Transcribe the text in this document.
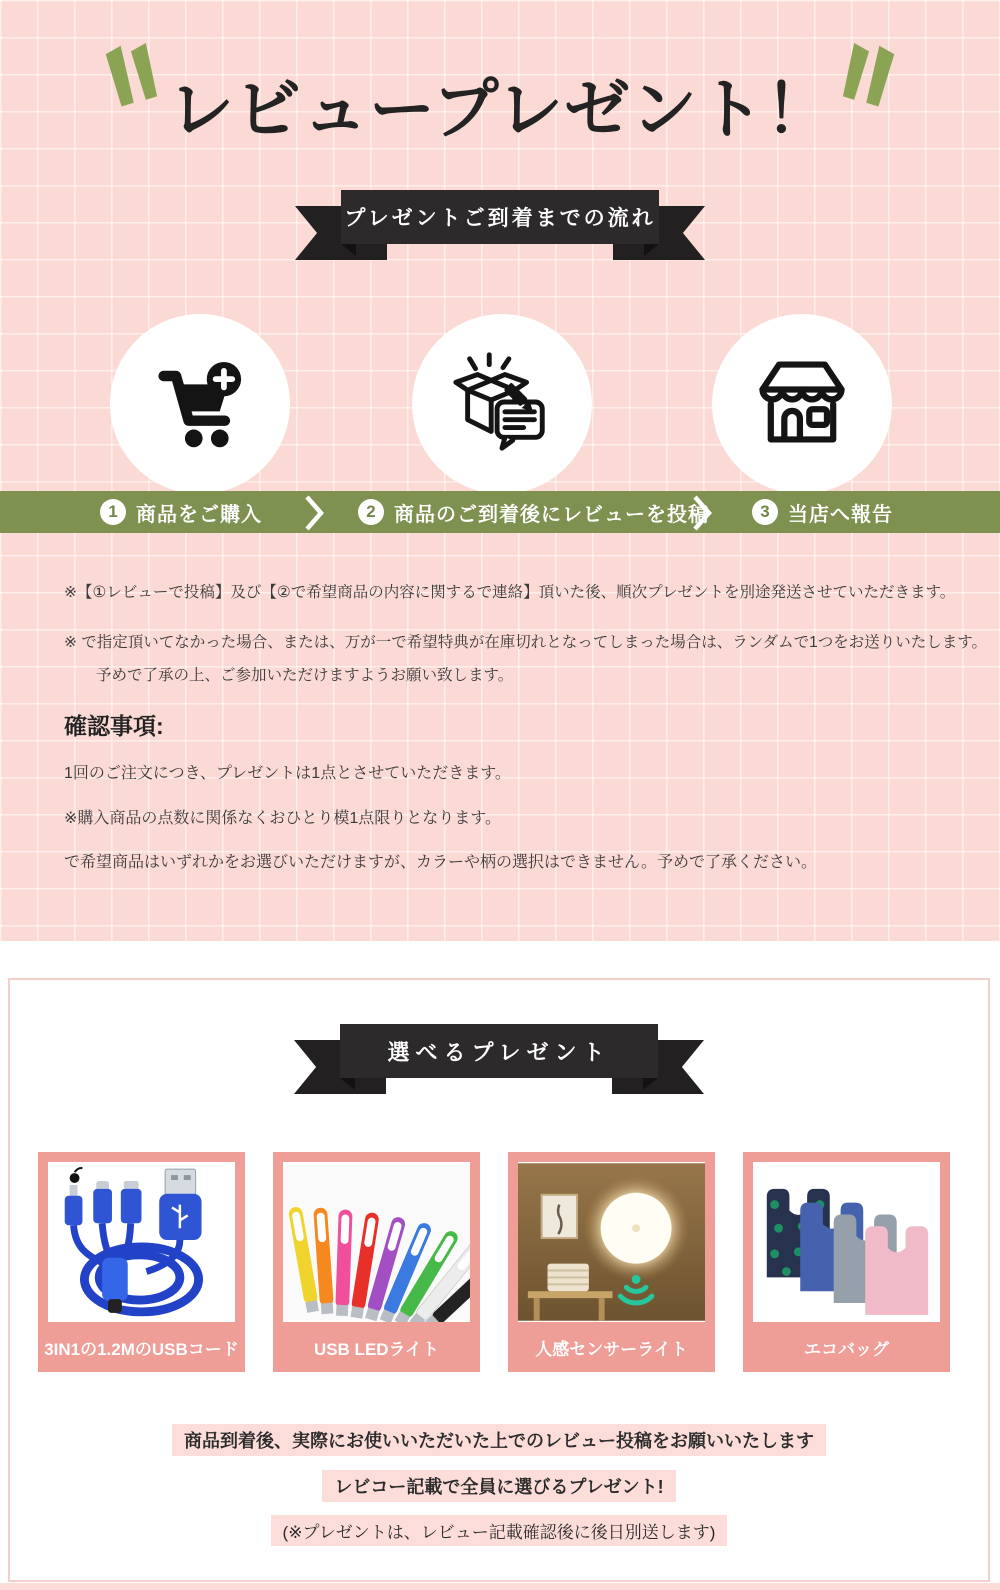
レビュープレゼント！
プレゼントご到着までの流れ
1 商品をご購入	2 商品のご到着後にレビューを投稿	3 当店へ報告

※【①レビューで投稿】及び【②で希望商品の内容に関するで連絡】頂いた後、順次プレゼントを別途発送させていただきます。

※ で指定頂いてなかった場合、または、万が一で希望特典が在庫切れとなってしまった場合は、ランダムで1つをお送りいたします。

予めで了承の上、ご参加いただけますようお願い致します。

確認事項:

1回のご注文につき、プレゼントは1点とさせていただきます。

※購入商品の点数に関係なくおひとり模1点限りとなります。

で希望商品はいずれかをお選びいただけますが、カラーや柄の選択はできません。予めで了承ください。

選べるプレゼント
3IN1の1.2MのUSBコード	USB LEDライト	人感センサーライト	エコバッグ

商品到着後、実際にお使いいただいた上でのレビュー投稿をお願いいたします

レビコー記載で全員に選びるプレゼント!

(※プレゼントは、レビュー記載確認後に後日別送します)
